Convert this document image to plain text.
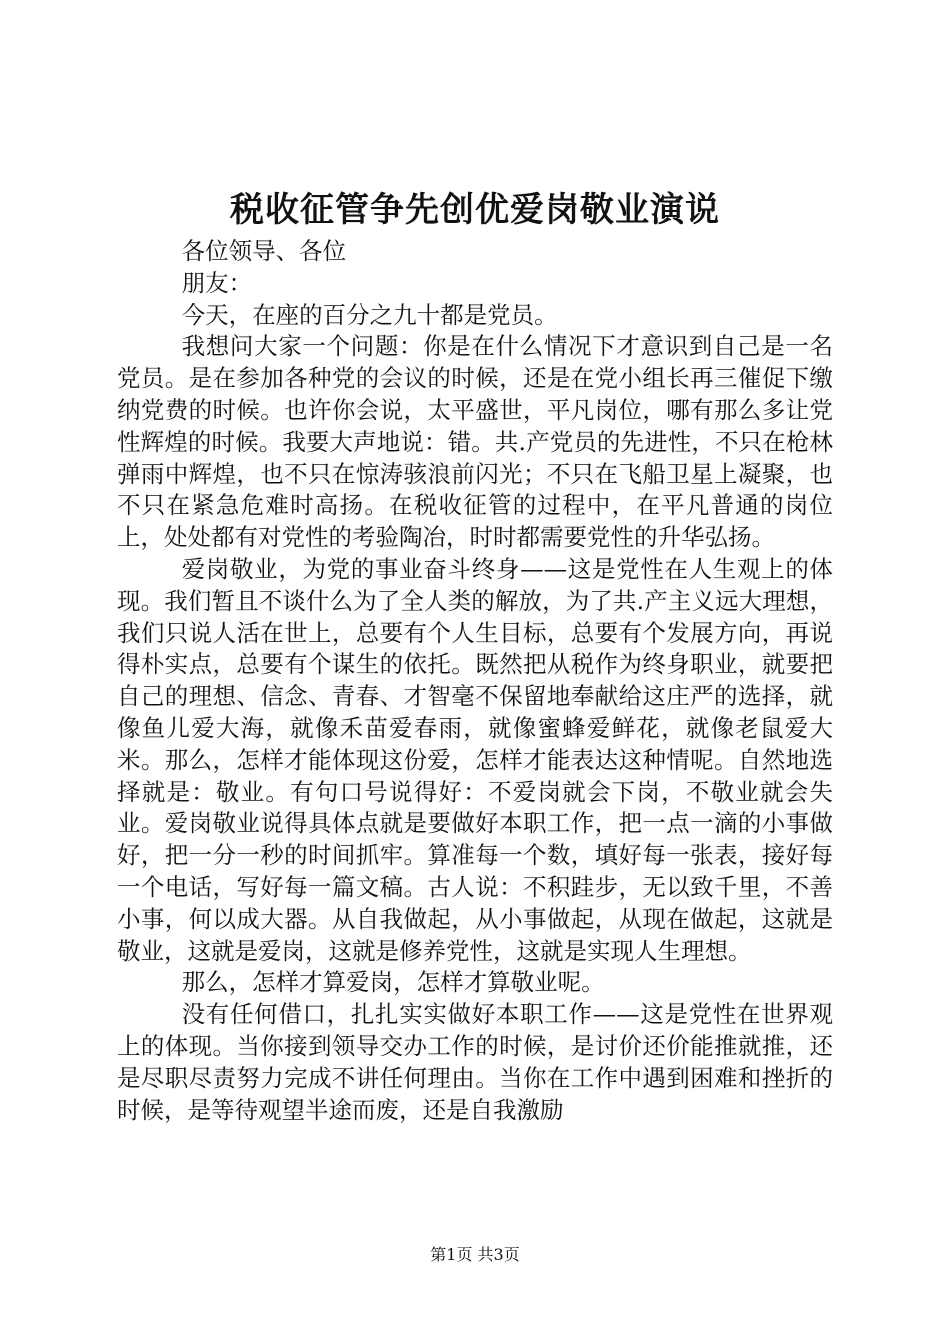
税收征管争先创优爱岗敬业演说

各位领导、各位

朋友：

今天，在座的百分之九十都是党员。

我想问大家一个问题：你是在什么情况下才意识到自己是一名党员。是在参加各种党的会议的时候，还是在党小组长再三催促下缴纳党费的时候。也许你会说，太平盛世，平凡岗位，哪有那么多让党性辉煌的时候。我要大声地说：错。共.产党员的先进性，不只在枪林弹雨中辉煌，也不只在惊涛骇浪前闪光；不只在飞船卫星上凝聚，也不只在紧急危难时高扬。在税收征管的过程中，在平凡普通的岗位上，处处都有对党性的考验陶冶，时时都需要党性的升华弘扬。

爱岗敬业，为党的事业奋斗终身——这是党性在人生观上的体现。我们暂且不谈什么为了全人类的解放，为了共.产主义远大理想，我们只说人活在世上，总要有个人生目标，总要有个发展方向，再说得朴实点，总要有个谋生的依托。既然把从税作为终身职业，就要把自己的理想、信念、青春、才智毫不保留地奉献给这庄严的选择，就像鱼儿爱大海，就像禾苗爱春雨，就像蜜蜂爱鲜花，就像老鼠爱大米。那么，怎样才能体现这份爱，怎样才能表达这种情呢。自然地选择就是：敬业。有句口号说得好：不爱岗就会下岗，不敬业就会失业。爱岗敬业说得具体点就是要做好本职工作，把一点一滴的小事做好，把一分一秒的时间抓牢。算准每一个数，填好每一张表，接好每一个电话，写好每一篇文稿。古人说：不积跬步，无以致千里，不善小事，何以成大器。从自我做起，从小事做起，从现在做起，这就是敬业，这就是爱岗，这就是修养党性，这就是实现人生理想。

那么，怎样才算爱岗，怎样才算敬业呢。

没有任何借口，扎扎实实做好本职工作——这是党性在世界观上的体现。当你接到领导交办工作的时候，是讨价还价能推就推，还是尽职尽责努力完成不讲任何理由。当你在工作中遇到困难和挫折的时候，是等待观望半途而废，还是自我激励

第1页 共3页
